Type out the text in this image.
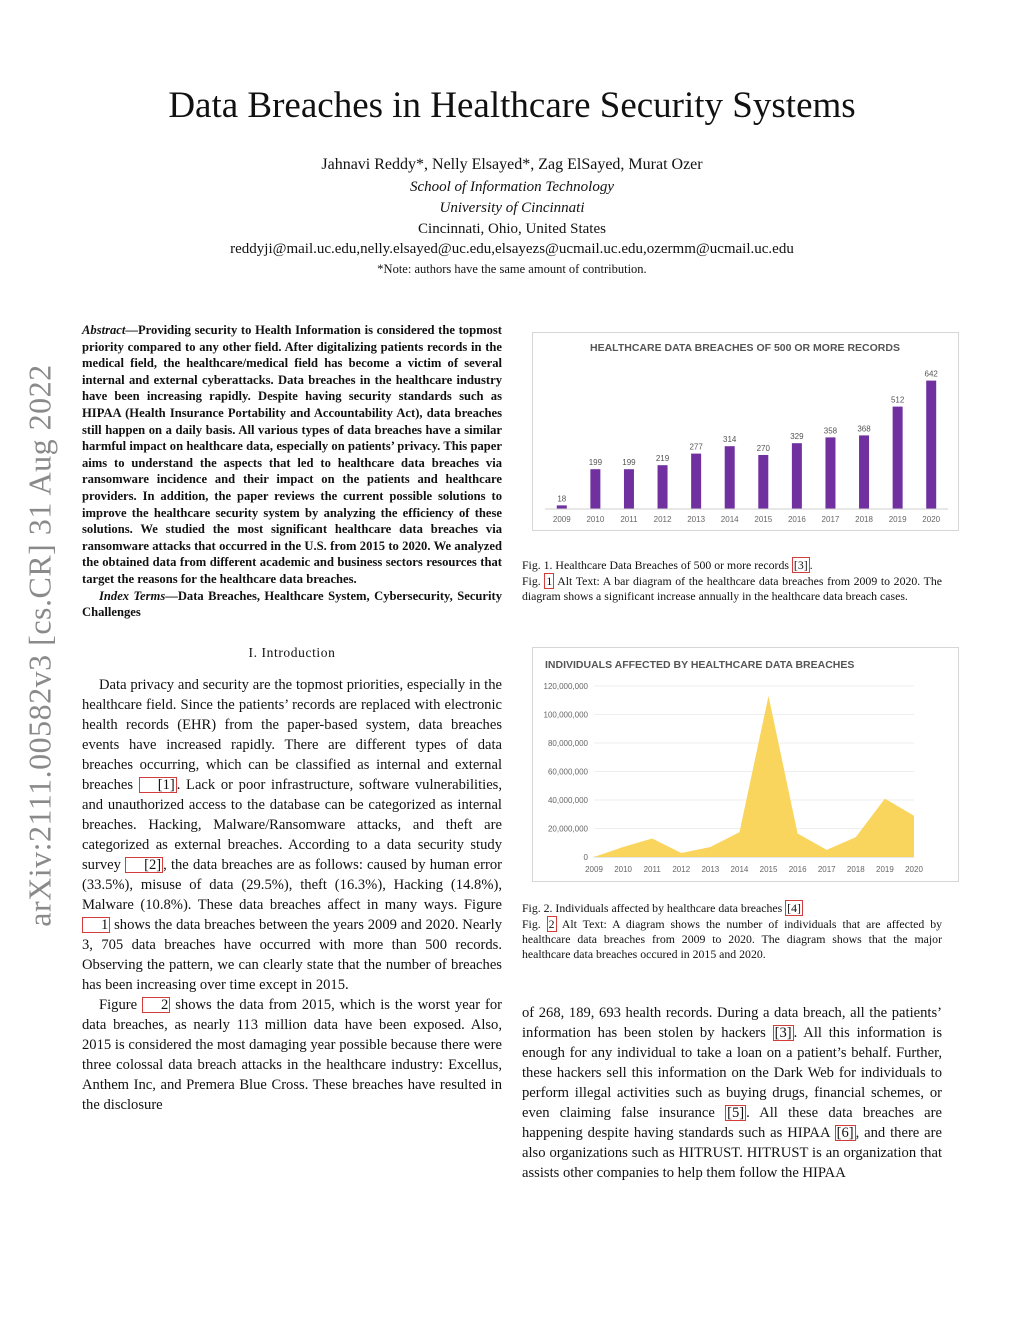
arXiv:2111.00582v3 [cs.CR] 31 Aug 2022
Data Breaches in Healthcare Security Systems
Jahnavi Reddy*, Nelly Elsayed*, Zag ElSayed, Murat Ozer
School of Information Technology
University of Cincinnati
Cincinnati, Ohio, United States
reddyji@mail.uc.edu,nelly.elsayed@uc.edu,elsayezs@ucmail.uc.edu,ozermm@ucmail.uc.edu
*Note: authors have the same amount of contribution.

Abstract—Providing security to Health Information is considered the topmost priority compared to any other field. After digitalizing patients records in the medical field, the healthcare/medical field has become a victim of several internal and external cyberattacks. Data breaches in the healthcare industry have been increasing rapidly. Despite having security standards such as HIPAA (Health Insurance Portability and Accountability Act), data breaches still happen on a daily basis. All various types of data breaches have a similar harmful impact on healthcare data, especially on patients’ privacy. This paper aims to understand the aspects that led to healthcare data breaches via ransomware incidence and their impact on the patients and healthcare providers. In addition, the paper reviews the current possible solutions to improve the healthcare security system by analyzing the efficiency of these solutions. We studied the most significant healthcare data breaches via ransomware attacks that occurred in the U.S. from 2015 to 2020. We analyzed the obtained data from different academic and business sectors resources that target the reasons for the healthcare data breaches.

Index Terms—Data Breaches, Healthcare System, Cybersecurity, Security Challenges

I. Introduction

Data privacy and security are the topmost priorities, especially in the healthcare field. Since the patients’ records are replaced with electronic health records (EHR) from the paper-based system, data breaches events have increased rapidly. There are different types of data breaches occurring, which can be classified as internal and external breaches [1] . Lack or poor infrastructure, software vulnerabilities, and unauthorized access to the database can be categorized as internal breaches. Hacking, Malware/Ransomware attacks, and theft are categorized as external breaches. According to a data security study survey [2] , the data breaches are as follows: caused by human error (33.5%), misuse of data (29.5%), theft (16.3%), Hacking (14.8%), Malware (10.8%). These data breaches affect in many ways. Figure 1 shows the data breaches between the years 2009 and 2020. Nearly 3, 705 data breaches have occurred with more than 500 records. Observing the pattern, we can clearly state that the number of breaches has been increasing over time except in 2015.

Figure 2 shows the data from 2015, which is the worst year for data breaches, as nearly 113 million data have been exposed. Also, 2015 is considered the most damaging year possible because there were three colossal data breach attacks in the healthcare industry: Excellus, Anthem Inc, and Premera Blue Cross. These breaches have resulted in the disclosure

HEALTHCARE DATA BREACHES OF 500 OR MORE RECORDS
18
2009
199
2010
199
2011
219
2012
277
2013
314
2014
270
2015
329
2016
358
2017
368
2018
512
2019
642
2020

Fig. 1. Healthcare Data Breaches of 500 or more records [3] .

Fig. 1 Alt Text: A bar diagram of the healthcare data breaches from 2009 to 2020. The diagram shows a significant increase annually in the healthcare data breach cases.

INDIVIDUALS AFFECTED BY HEALTHCARE DATA BREACHES
0
20,000,000
40,000,000
60,000,000
80,000,000
100,000,000
120,000,000
2009 2010 2011 2012 2013 2014 2015 2016 2017 2018 2019 2020

Fig. 2. Individuals affected by healthcare data breaches [4]

Fig. 2 Alt Text: A diagram shows the number of individuals that are affected by healthcare data breaches from 2009 to 2020. The diagram shows that the major healthcare data breaches occured in 2015 and 2020.

of 268, 189, 693 health records. During a data breach, all the patients’ information has been stolen by hackers [3] . All this information is enough for any individual to take a loan on a patient’s behalf. Further, these hackers sell this information on the Dark Web for individuals to perform illegal activities such as buying drugs, financial schemes, or even claiming false insurance [5] . All these data breaches are happening despite having standards such as HIPAA [6] , and there are also organizations such as HITRUST. HITRUST is an organization that assists other companies to help them follow the HIPAA
